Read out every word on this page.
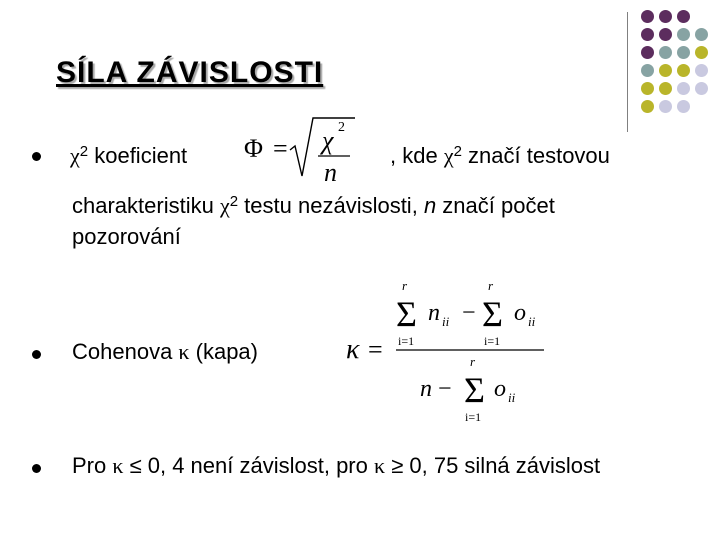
SÍLA ZÁVISLOSTI
$\chi^2$ koeficient Φ = χ 2
n
, kde $\chi^2$ značí testovou
charakteristiku $\chi^2$ testu nezávislosti, n značí počet
pozorování
Cohenova κ (kapa)	κ =
r
Σ
i=1
n ii −
r
Σ
i=1
o ii
n −
r
Σ
i=1
o ii
Pro κ ≤ 0, 4 není závislost, pro κ ≥ 0, 75 silná závislost
